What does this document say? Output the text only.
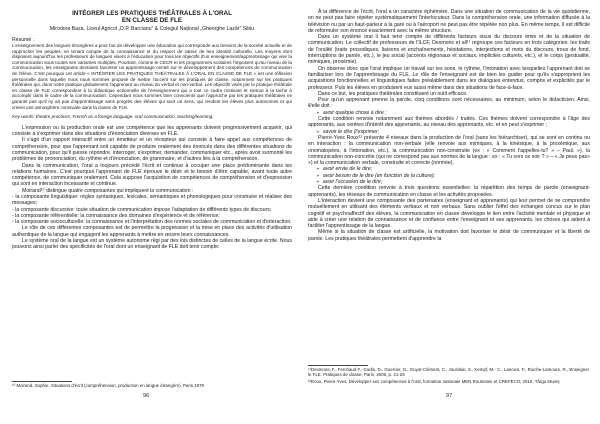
INTÉGRER LES PRATIQUES THÉÂTRALES À L'ORAL
EN CLASSE DE FLE

Mirodora Baza, Liceul Agricol „D.P. Barcianu” & Colegiul Național „Gheorghe Lazăr” Sibiu

Résumé :

L'enseignement des langues étrangères a pour but de développer une éducation qui corresponde aux besoins de la société actuelle et de rapprocher les peuples, en tenant compte de la connaissance et du respect de valeur de leur identité culturelle. Les moyens dont disposent aujourd'hui les professeurs de langues visent à l'éducation pour tous les objectifs d'un enseignement/apprentissage qui vise la communication sous toutes ses variantes multiples. Pourtant, comme le CECR et les programmes scolaires l'imposent qu'au niveau de la communication, les enseignants devraient favoriser un apprentissage centré sur le développement des compétences de communication de l'élève. C'est pourquoi cet article « INTÉGRER LES PRATIQUES THÉÂTRALES À L'ORAL EN CLASSE DE FLE » est une réflexion personnelle dans laquelle nous nous sommes proposé de mettre l'accent sur les pratiques de classe, notamment sur les pratiques théâtrales qui, dans notre pratique globalement l'apprenant au niveau du verbal et non-verbal. Les objectifs visés par la pratique théâtrale en classe de FLE correspondent à la didactique actionnelle de l'enseignement qui a tout ce cadre motivant et surtout à la tache à accomplir dans le cadre de la communication. Cependant nous sommes bien conscients que l'approche par les pratiques théâtrales ne garantit pas qu'il ny ait pas d'apprentissage sans progrès des élèves qui sont un sens, qui rendent les élèves plus autonomes et qui créent une atmosphère conviviale dans la classe de FLE.

Key words: theatre practices, French as a foreign language, oral communication, teaching/learning.

L'expression ou la production orale est une compétence que les apprenants doivent progressivement acquérir, qui consiste à s'exprimer dans des situations d'énonciation diverses en FLE.

Il s'agit d'un rapport interactif entre un émetteur et un récepteur qui consiste à faire appel aux compétences de compréhension, pour que l'apprenant soit capable de produire oralement des énoncés dans des différentes situations de communication, pour qu'il puisse répondre, interroger, s'exprimer, demander, communiquer etc., après avoir surmonté les problèmes de prononciation, du rythme et d'énonciation, de grammaire, et d'autres liés à la compréhension.

Dans la communication, l'oral a toujours précédé l'écrit et continue à occuper une place prédominante dans les relations humaines. C'est pourquoi l'apprenant de FLE éprouve le désir et le besoin d'être capable, avant toute autre compétence, de communiquer oralement. Cela suppose l'acquisition de compétences de compréhension et d'expression qui sont en interaction incessante et continue.

Moirand¹⁰ distingue quatre composantes qui impliquent la communication :

- la composante linguistique: règles syntaxiques, lexicales, sémantiques et phonologiques pour construire et réaliser des messages;

- la composante discursive: toute situation de communication impose l'adaptation de différents types de discours;

- la composante référentielle: la connaissance des domaines d'expérience et de référence;

- la composante socioculturelle: la connaissance et l'interprétation des normes sociales de communication et d'interaction.

Le rôle de ces différentes composantes est de permettre la progression et la mise en place des activités d'utilisation authentique de la langue qui engagent les apprenants à mettre en œuvre leurs connaissances.

Le système oral de la langue est un système autonome régi par des lois distinctes de celles de la langue écrite. Nous pouvons ainsi parler des spécificités de l'oral dont un enseignant de FLE doit tenir compte:

¹⁰ Moirand, Sophie, Situations d'écrit (compréhension, production en langue étrangère), Paris,1979

96

À la différence de l'écrit, l'oral a un caractère éphémère. Dans une situation de communication de la vie quotidienne, on ne peut pas faire répéter systématiquement l'interlocuteur. Dans la compréhension orale, une information diffusée à la télévision ou par un haut-parleur à la gare ou à l'aéroport ne peut pas être répétée non plus. En même temps, il est difficile de reformuler son énoncé exactement avec la même structure.

Dans un système oral il faut tenir compte de différents facteurs issus du discours émis et de la situation de communication. Le collectif de professeurs de l'ILCF, Desmons et all¹¹ regroupe ces facteurs en trois catégories: les traits de l'oralité (traits prosodiques, liaisons et enchaînements, hésitations, interjections et mots du discours, trous de fond, interruptions de parole, etc.), le jeu social (accents régionaux et sociaux, implicites culturels, etc.), et le corps (gestualité, mimiques, proxémie).

On observe donc que l'oral implique un travail sur les sons, le rythme, l'intonation avec lesquelles l'apprenant doit se familiariser lors de l'apprentissage du FLE. Le rôle de l'enseignant est de bien les guider pour qu'ils s'approprient les acquisitions fonctionnelles et linguistiques faites préalablement dans les dialogues entendus, compris et explicités par le professeur. Puis les élèves en produisent eux aussi même dans des situations de face-à-face.

Dans ce but, les pratiques théâtrales constituent un outil efficace.

Pour qu'un apprenant prenne la parole, cinq conditions sont nécessaires, au minimum, selon le didacticien. Ainsi, il/elle doit :

➢ avoir quelque chose à dire ;

Cette condition renvoie notamment aux thèmes abordés / traités. Ces thèmes doivent correspondre à l'âge des apprenants, aux centres d'intérêt des apprenants, au niveau des apprenants, etc. et en peut s'exprimer ;

➢ savoir le dire (l'exprimer;

Pierre-Yves Roux¹² présente 4 niveaux dans la production de l'oral (sans les hiérarchiser), qui se sont en continu ou en interaction : la communication non-verbale (elle renvoie aux mimiques, à la kinésique, à la proxémique, aux onomatopées, à l'intonation, etc.), la communication non-construite (ex : « Comment t'appelles-tu? » – Paul. »), la communication non-concrète (qui ne correspond pas aux normes de la langue : ex : « Tu sors ce soir ? » – « Je peux pas» ») et la communication verbale, construite et correcte (normée).

➢ avoir envie de le dire;

➢ avoir besoin de le dire (en fonction de la culture);

➢ avoir l'occasion de le dire;

Cette dernière condition renvoie à trois questions essentielles: la répartition des temps de parole (enseignant-apprenants), les réseaux de communication en classe et les activités proposées.

L'interaction devient une composante des partenaires (enseignant et apprenants) qui leur permet de se comprendre mutuellement en utilisant des éléments verbaux et non verbaux. Sans oublier l'effet des échanges concus sur le plan cognitif et psychoaffectif des élèves, la communication en classe développe le lien entre l'activité mentale et physique et aide à créer une relation de connaissance et de confiance entre l'enseignant et ses apprenants, les choses qui aident à faciliter l'apprentissage de la langue.

Même si la situation de classe est artificielle, la motivation doit favoriser le désir de communiquer et la liberté de parole. Les pratiques théâtrales permettent d'apprendre la

¹¹Desmons, F., Ferchaud F., Godin, D., Guerrier, G., Guyot-Clément, C., Jourdain, S., Kempf, M.- C., Lancien, F., Rioche-Lamoure, R., Enseigner le FLE. Pratiques de classe, Paris, 2005, p. 21-25

¹²Roux, Pierre-Yves, Développer ses compétences à l'oral, formation nationale MEN Roumanie et CREFECO, 2010, Târgu Mureș

97
